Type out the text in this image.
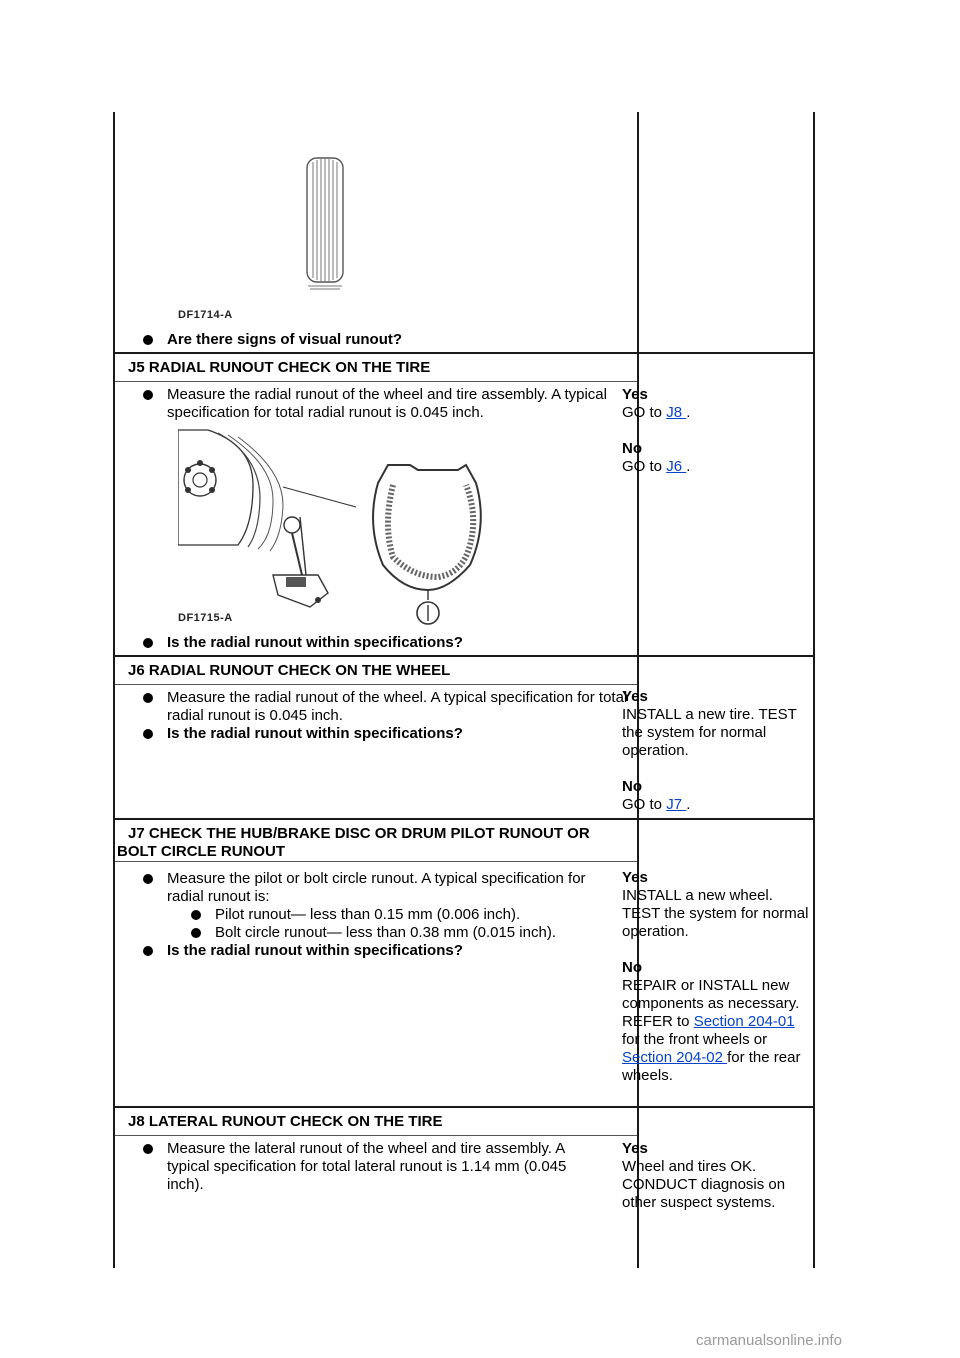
DF1714-A
Are there signs of visual runout?
J5 RADIAL RUNOUT CHECK ON THE TIRE
Measure the radial runout of the wheel and tire assembly. A typical specification for total radial runout is 0.045 inch.
DF1715-A
Is the radial runout within specifications?
Yes
GO to J8 .
No
GO to J6 .
J6 RADIAL RUNOUT CHECK ON THE WHEEL
Measure the radial runout of the wheel. A typical specification for total radial runout is 0.045 inch.
Is the radial runout within specifications?
Yes
INSTALL a new tire. TEST the system for normal operation.
No
GO to J7 .
J7 CHECK THE HUB/BRAKE DISC OR DRUM PILOT RUNOUT OR
BOLT CIRCLE RUNOUT
Measure the pilot or bolt circle runout. A typical specification for radial runout is:
Pilot runout— less than 0.15 mm (0.006 inch).
Bolt circle runout— less than 0.38 mm (0.015 inch).
Is the radial runout within specifications?
Yes
INSTALL a new wheel. TEST the system for normal operation.
No
REPAIR or INSTALL new components as necessary. REFER to Section 204-01 for the front wheels or Section 204-02 for the rear wheels.
J8 LATERAL RUNOUT CHECK ON THE TIRE
Measure the lateral runout of the wheel and tire assembly. A typical specification for total lateral runout is 1.14 mm (0.045 inch).
Yes
Wheel and tires OK. CONDUCT diagnosis on other suspect systems.
carmanualsonline.info
